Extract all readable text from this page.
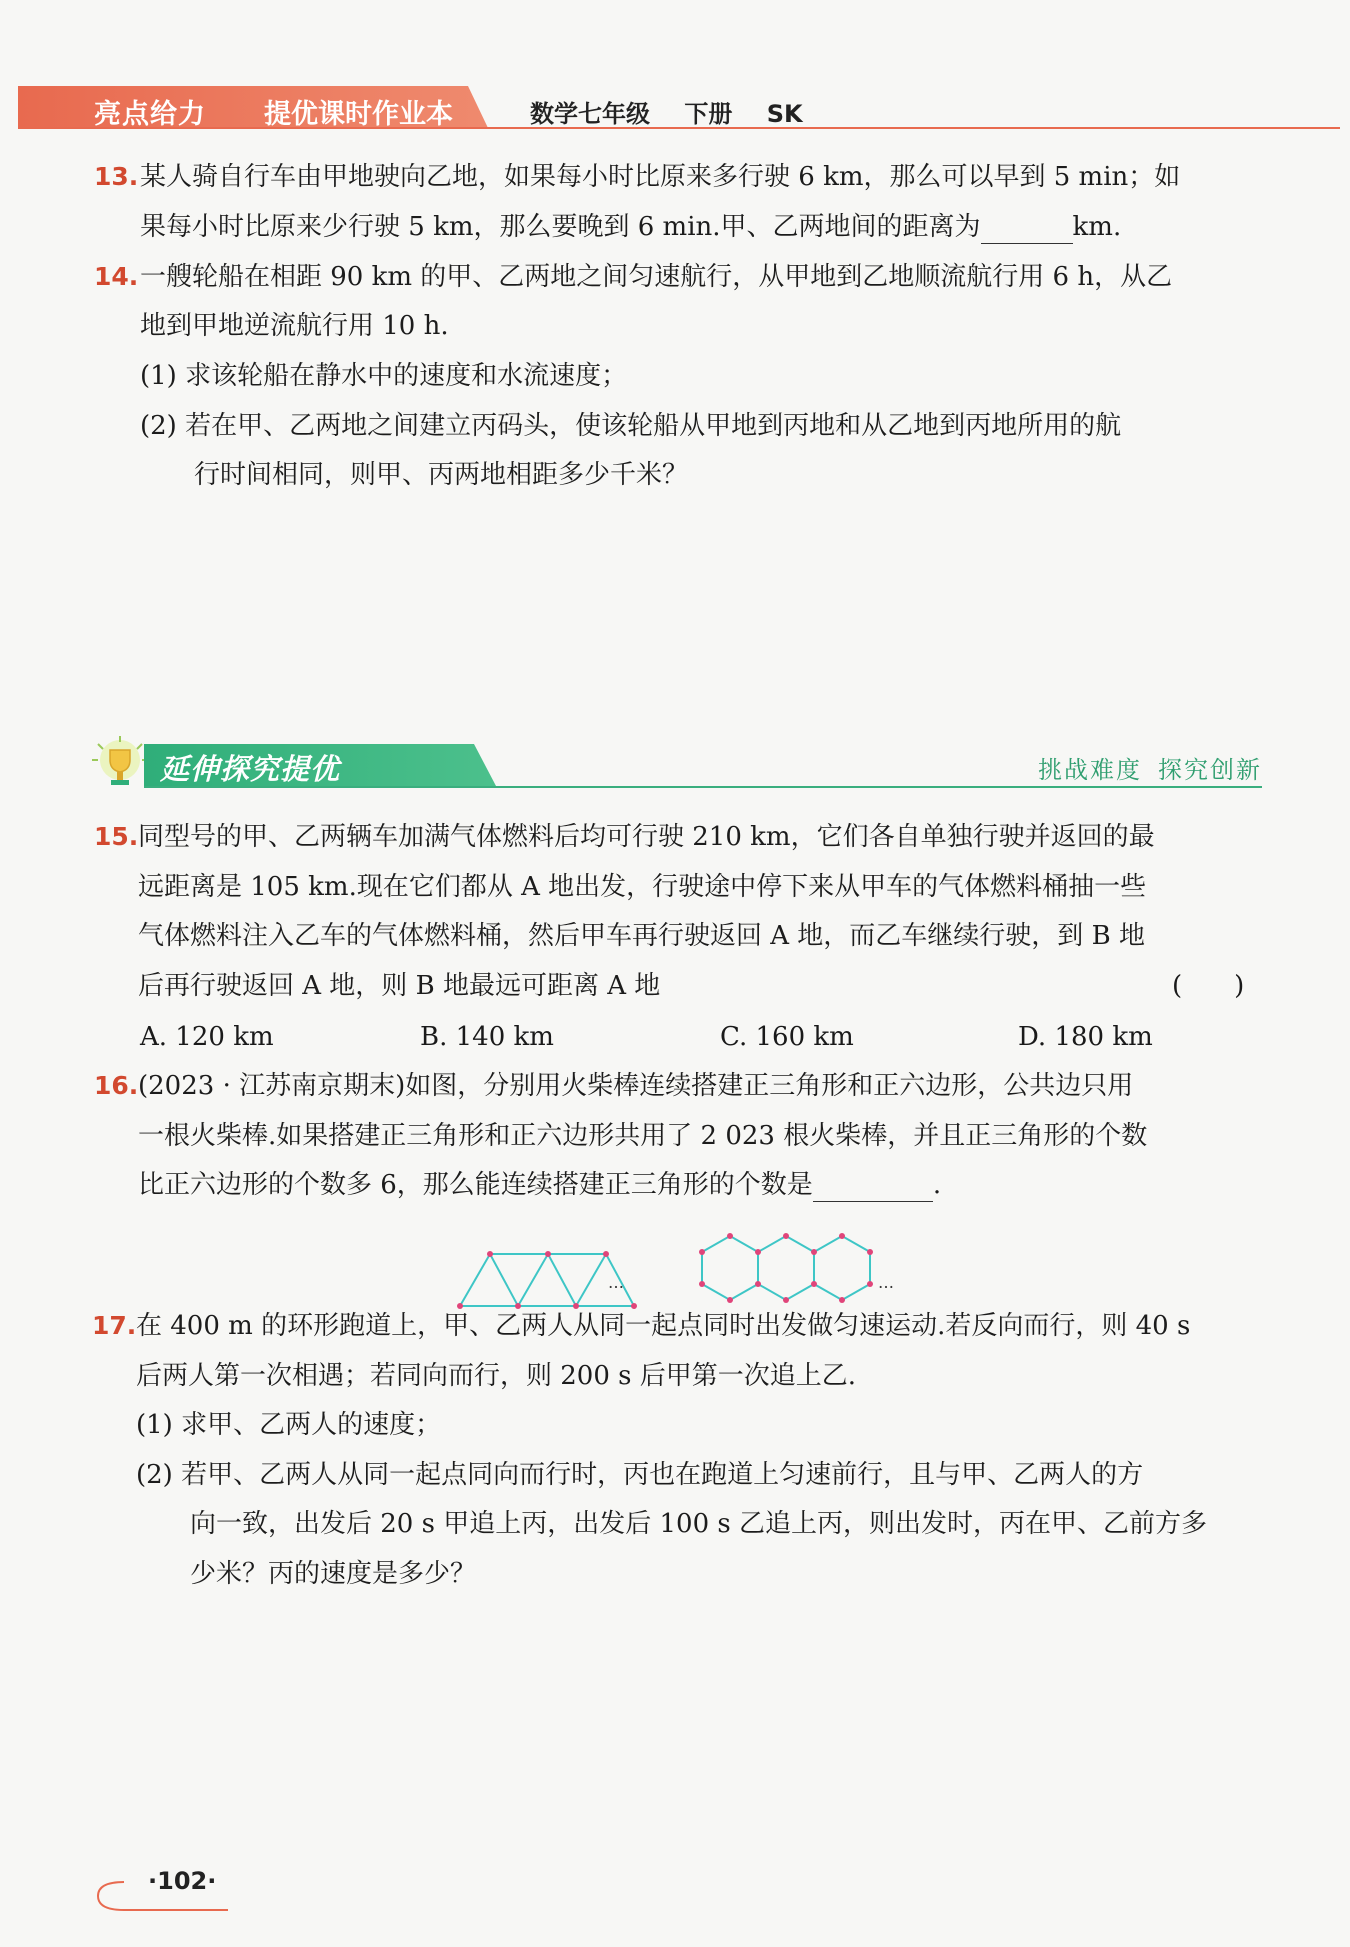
亮点给力 提优课时作业本	数学七年级 下册 SK
13. 某人骑自行车由甲地驶向乙地，如果每小时比原来多行驶 6 km，那么可以早到 5 min；如
果每小时比原来少行驶 5 km，那么要晚到 6 min.甲、乙两地间的距离为	km.
14. 一艘轮船在相距 90 km 的甲、乙两地之间匀速航行，从甲地到乙地顺流航行用 6 h，从乙
地到甲地逆流航行用 10 h.
(1) 求该轮船在静水中的速度和水流速度；
(2) 若在甲、乙两地之间建立丙码头，使该轮船从甲地到丙地和从乙地到丙地所用的航
行时间相同，则甲、丙两地相距多少千米？
延伸探究提优	挑战难度 探究创新
15. 同型号的甲、乙两辆车加满气体燃料后均可行驶 210 km，它们各自单独行驶并返回的最
远距离是 105 km.现在它们都从 A 地出发，行驶途中停下来从甲车的气体燃料桶抽一些
气体燃料注入乙车的气体燃料桶，然后甲车再行驶返回 A 地，而乙车继续行驶，到 B 地
后再行驶返回 A 地，则 B 地最远可距离 A 地	(　　)
A. 120 km	B. 140 km	C. 160 km	D. 180 km
16. (2023 · 江苏南京期末)如图，分别用火柴棒连续搭建正三角形和正六边形，公共边只用
一根火柴棒.如果搭建正三角形和正六边形共用了 2 023 根火柴棒，并且正三角形的个数
比正六边形的个数多 6，那么能连续搭建正三角形的个数是	.
…	…
17. 在 400 m 的环形跑道上，甲、乙两人从同一起点同时出发做匀速运动.若反向而行，则 40 s
后两人第一次相遇；若同向而行，则 200 s 后甲第一次追上乙.
(1) 求甲、乙两人的速度；
(2) 若甲、乙两人从同一起点同向而行时，丙也在跑道上匀速前行，且与甲、乙两人的方
向一致，出发后 20 s 甲追上丙，出发后 100 s 乙追上丙，则出发时，丙在甲、乙前方多
少米？丙的速度是多少？
·102·
